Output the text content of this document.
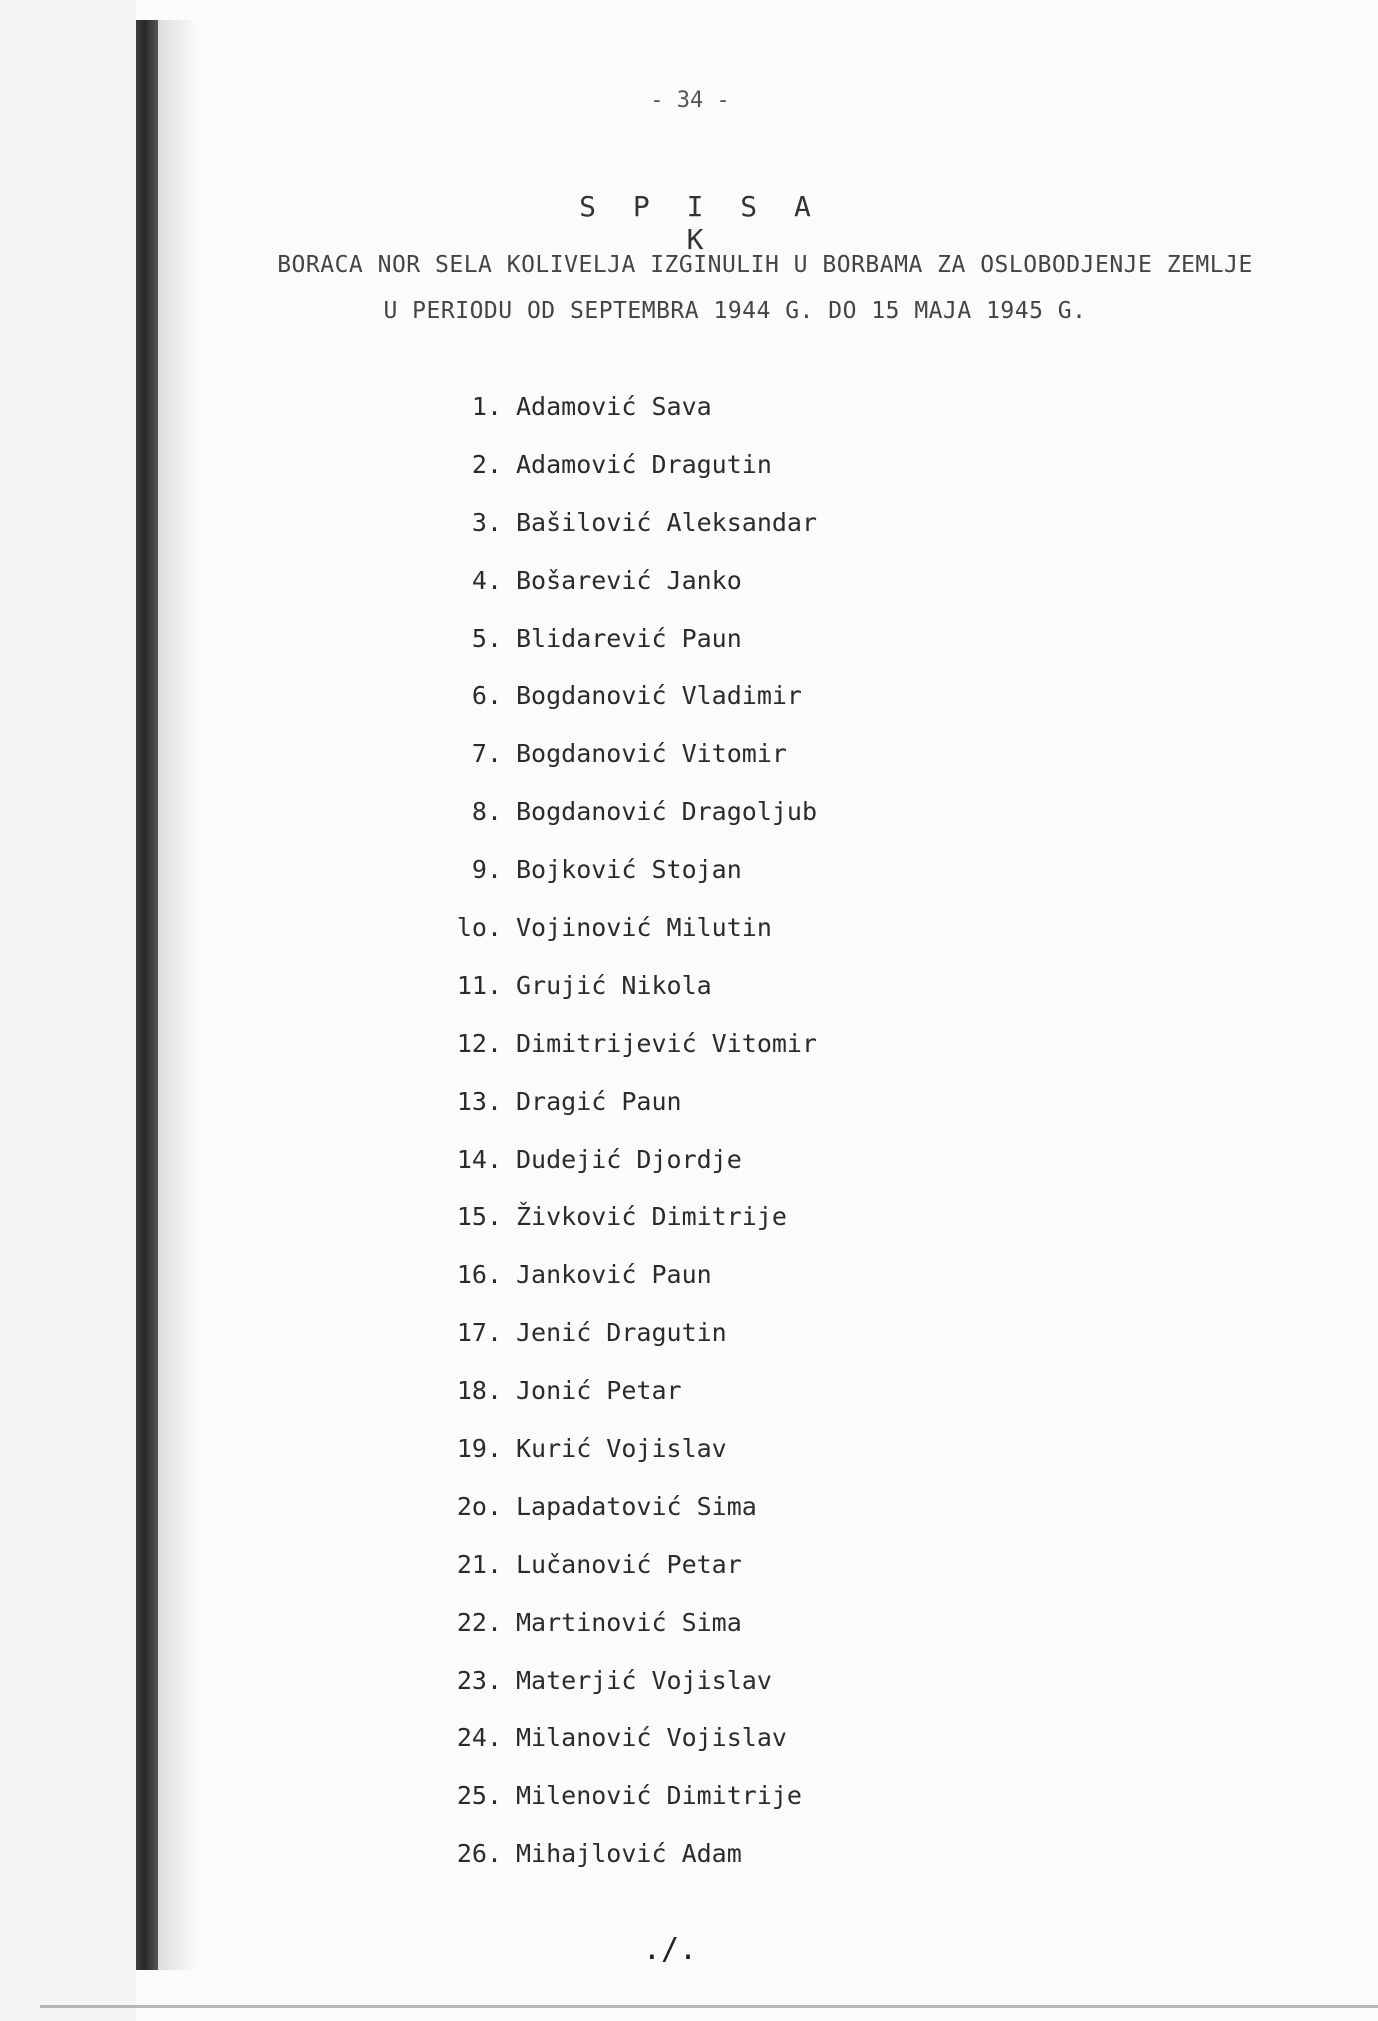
- 34 -
S P I S A K
BORACA NOR SELA KOLIVELJA IZGINULIH U BORBAMA ZA OSLOBODJENJE ZEMLJE
U PERIODU OD SEPTEMBRA 1944 G. DO 15 MAJA 1945 G.
1. Adamović Sava
2. Adamović Dragutin
3. Bašilović Aleksandar
4. Bošarević Janko
5. Blidarević Paun
6. Bogdanović Vladimir
7. Bogdanović Vitomir
8. Bogdanović Dragoljub
9. Bojković Stojan
lo. Vojinović Milutin
11. Grujić Nikola
12. Dimitrijević Vitomir
13. Dragić Paun
14. Dudejić Djordje
15. Živković Dimitrije
16. Janković Paun
17. Jenić Dragutin
18. Jonić Petar
19. Kurić Vojislav
2o. Lapadatović Sima
21. Lučanović Petar
22. Martinović Sima
23. Materjić Vojislav
24. Milanović Vojislav
25. Milenović Dimitrije
26. Mihajlović Adam
./.
